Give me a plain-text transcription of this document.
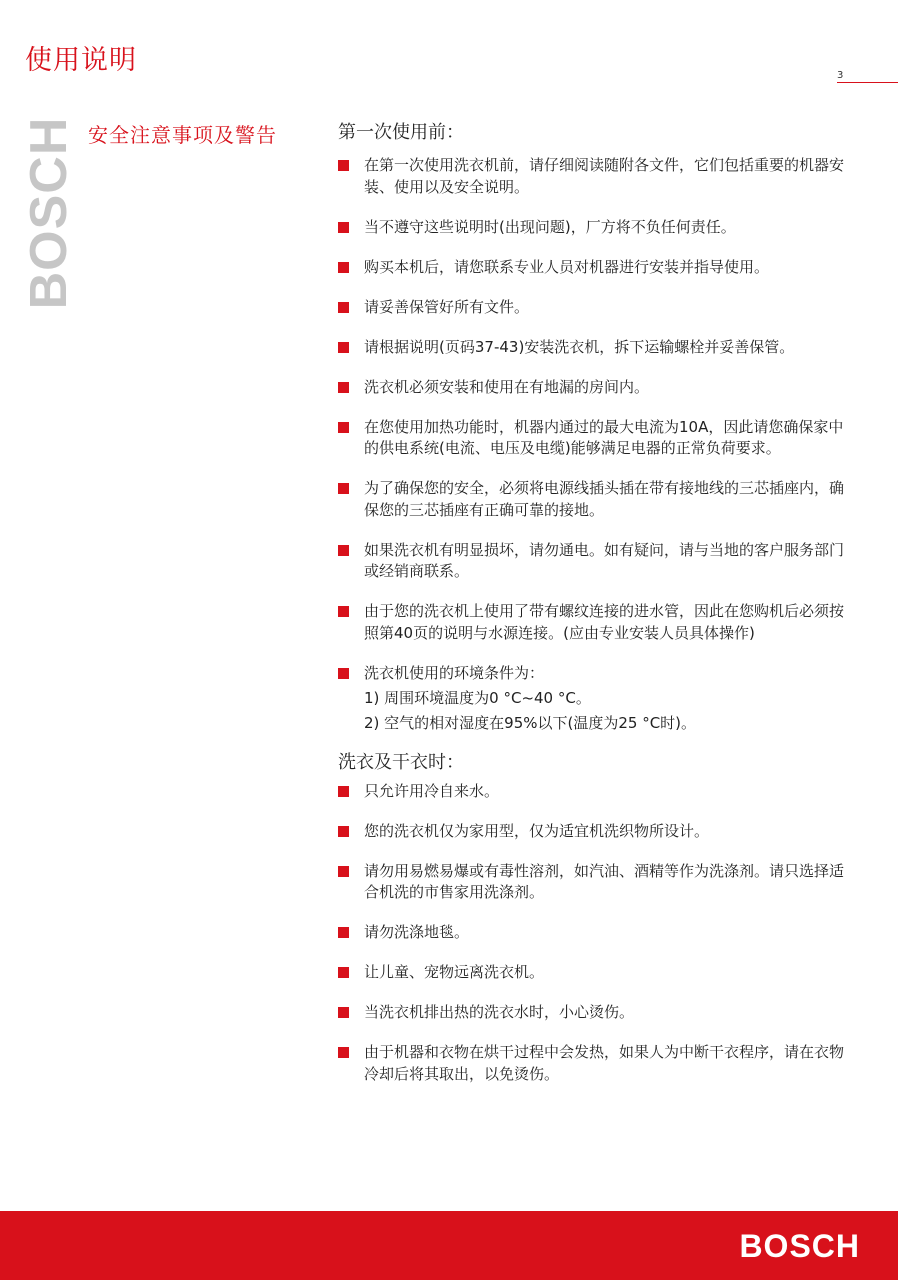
使用说明	3
BOSCH 安全注意事项及警告	第一次使用前：
在第一次使用洗衣机前，请仔细阅读随附各文件，它们包括重要的机器安装、使用以及安全说明。
当不遵守这些说明时(出现问题)，厂方将不负任何责任。
购买本机后，请您联系专业人员对机器进行安装并指导使用。
请妥善保管好所有文件。
请根据说明(页码37-43)安装洗衣机，拆下运输螺栓并妥善保管。
洗衣机必须安装和使用在有地漏的房间内。
在您使用加热功能时，机器内通过的最大电流为10A，因此请您确保家中的供电系统(电流、电压及电缆)能够满足电器的正常负荷要求。
为了确保您的安全，必须将电源线插头插在带有接地线的三芯插座内，确保您的三芯插座有正确可靠的接地。
如果洗衣机有明显损坏，请勿通电。如有疑问，请与当地的客户服务部门或经销商联系。
由于您的洗衣机上使用了带有螺纹连接的进水管，因此在您购机后必须按照第40页的说明与水源连接。(应由专业安装人员具体操作)
洗衣机使用的环境条件为：
1) 周围环境温度为0 °C~40 °C。
2) 空气的相对湿度在95%以下(温度为25 °C时)。
洗衣及干衣时：
只允许用冷自来水。
您的洗衣机仅为家用型，仅为适宜机洗织物所设计。
请勿用易燃易爆或有毒性溶剂，如汽油、酒精等作为洗涤剂。请只选择适合机洗的市售家用洗涤剂。
请勿洗涤地毯。
让儿童、宠物远离洗衣机。
当洗衣机排出热的洗衣水时，小心烫伤。
由于机器和衣物在烘干过程中会发热，如果人为中断干衣程序，请在衣物冷却后将其取出，以免烫伤。
BOSCH
